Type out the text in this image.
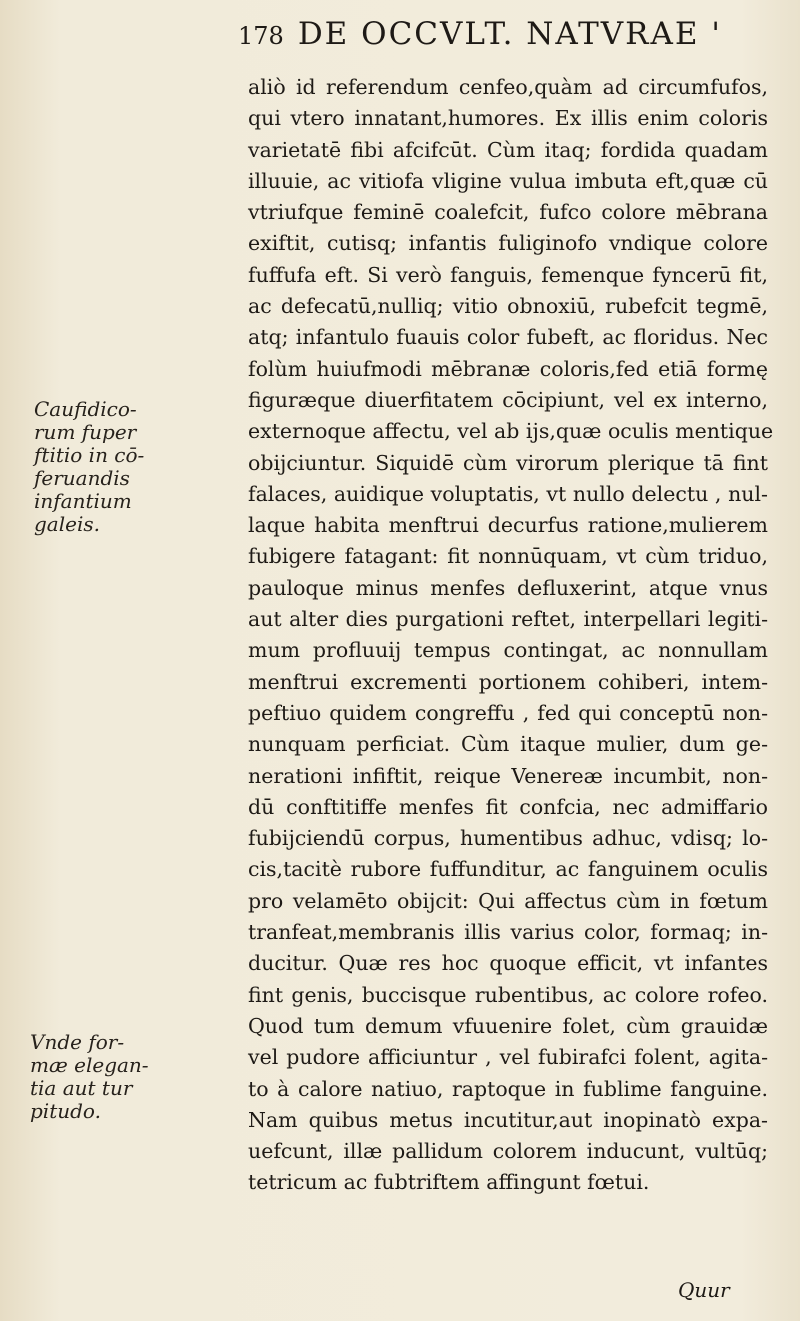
178 DE OCCVLT. NATVRAE '
aliò id referendum cenfeo,quàm ad circumfufos,
qui vtero innatant,humores. Ex illis enim coloris
varietatē fibi afcifcūt. Cùm itaq; fordida quadam
illuuie, ac vitiofa vligine vulua imbuta eft,quæ cū
vtriufque feminē coalefcit, fufco colore mēbrana
exiftit, cutisq; infantis fuliginofo vndique colore
fuffufa eft. Si verò fanguis, femenque fyncerū fit,
ac defecatū,nulliq; vitio obnoxiū, rubefcit tegmē,
atq; infantulo fuauis color fubeft, ac floridus. Nec
folùm huiufmodi mēbranæ coloris,fed etiā formę
figuræque diuerfitatem cōcipiunt, vel ex interno,
externoque affectu, vel ab ijs,quæ oculis mentique
obijciuntur. Siquidē cùm virorum plerique tā fint
falaces, auidique voluptatis, vt nullo delectu , nul-
laque habita menftrui decurfus ratione,mulierem
fubigere fatagant: fit nonnūquam, vt cùm triduo,
pauloque minus menfes defluxerint, atque vnus
aut alter dies purgationi reftet, interpellari legiti-
mum profluuij tempus contingat, ac nonnullam
menftrui excrementi portionem cohiberi, intem-
peftiuo quidem congreffu , fed qui conceptū non-
nunquam perficiat. Cùm itaque mulier, dum ge-
nerationi infiftit, reique Venereæ incumbit, non-
dū conftitiffe menfes fit confcia, nec admiffario
fubijciendū corpus, humentibus adhuc, vdisq; lo-
cis,tacitè rubore fuffunditur, ac fanguinem oculis
pro velamēto obijcit: Qui affectus cùm in fœtum
tranfeat,membranis illis varius color, formaq; in-
ducitur. Quæ res hoc quoque efficit, vt infantes
fint genis, buccisque rubentibus, ac colore rofeo.
Quod tum demum vfuuenire folet, cùm grauidæ
vel pudore afficiuntur , vel fubirafci folent, agita-
to à calore natiuo, raptoque in fublime fanguine.
Nam quibus metus incutitur,aut inopinatò expa-
uefcunt, illæ pallidum colorem inducunt, vultūq;
tetricum ac fubtriftem affingunt fœtui.
Caufidico-
rum fuper
ftitio in cō-
feruandis
infantium
galeis.
Vnde for-
mæ elegan-
tia aut tur
pitudo.
Quur
